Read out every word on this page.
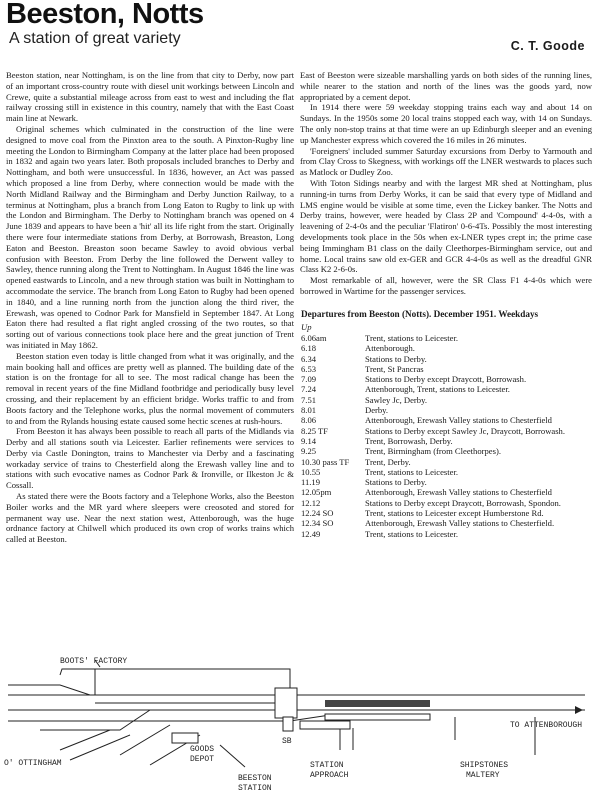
Beeston, Notts
A station of great variety	C. T. Goode

Beeston station, near Nottingham, is on the line from that city to Derby, now part of an important cross-country route with diesel unit workings between Lincoln and Crewe, quite a substantial mileage across from east to west and including the flat railway crossing still in existence in this country, namely that with the East Coast main line at Newark.

Original schemes which culminated in the construction of the line were designed to move coal from the Pinxton area to the south. A Pinxton-Rugby line meeting the London to Birmingham Company at the latter place had been proposed in 1832 and again two years later. Both proposals included branches to Derby and Nottingham, and both were unsuccessful. In 1836, however, an Act was passed which proposed a line from Derby, where connection would be made with the North Midland Railway and the Birmingham and Derby Junction Railway, to a terminus at Nottingham, plus a branch from Long Eaton to Rugby to link up with the London and Birmingham. The Derby to Nottingham branch was opened on 4 June 1839 and appears to have been a 'hit' all its life right from the start. Originally there were four intermediate stations from Derby, at Borrowash, Breaston, Long Eaton and Beeston. Breaston soon became Sawley to avoid obvious verbal confusion with Beeston. From Derby the line followed the Derwent valley to Sawley, thence running along the Trent to Nottingham. In August 1846 the line was opened eastwards to Lincoln, and a new through station was built in Nottingham to accommodate the service. The branch from Long Eaton to Rugby had been opened in 1840, and a line running north from the junction along the third river, the Erewash, was opened to Codnor Park for Mansfield in September 1847. At Long Eaton there had resulted a flat right angled crossing of the two routes, so that sorting out of various connections took place here and the great junction of Trent was initiated in May 1862.

Beeston station even today is little changed from what it was originally, and the main booking hall and offices are pretty well as planned. The building date of the station is on the frontage for all to see. The most radical change has been the removal in recent years of the fine Midland footbridge and periodically busy level crossing, and their replacement by an efficient bridge. Works traffic to and from Boots factory and the Telephone works, plus the normal movement of commuters to and from the Rylands housing estate caused some hectic scenes at rush-hours.

From Beeston it has always been possible to reach all parts of the Midlands via Derby and all stations south via Leicester. Earlier refinements were services to Derby via Castle Donington, trains to Manchester via Derby and a fascinating workaday service of trains to Chesterfield along the Erewash valley line and to stations with such evocative names as Codnor Park & Ironville, or Ilkeston Jc & Cossall.

As stated there were the Boots factory and a Telephone Works, also the Beeston Boiler works and the MR yard where sleepers were creosoted and stored for permanent way use. Near the next station west, Attenborough, was the huge ordnance factory at Chilwell which produced its own crop of works trains which called at Beeston.

East of Beeston were sizeable marshalling yards on both sides of the running lines, while nearer to the station and north of the lines was the goods yard, now appropriated by a cement depot.

In 1914 there were 59 weekday stopping trains each way and about 14 on Sundays. In the 1950s some 20 local trains stopped each way, with 14 on Sundays. The only non-stop trains at that time were an up Edinburgh sleeper and an evening up Manchester express which covered the 16 miles in 26 minutes.

'Foreigners' included summer Saturday excursions from Derby to Yarmouth and from Clay Cross to Skegness, with workings off the LNER westwards to places such as Matlock or Dudley Zoo.

With Toton Sidings nearby and with the largest MR shed at Nottingham, plus running-in turns from Derby Works, it can be said that every type of Midland and LMS engine would be visible at some time, even the Lickey banker. The Notts and Derby trains, however, were headed by Class 2P and 'Compound' 4-4-0s, with a leavening of 2-4-0s and the peculiar 'Flatiron' 0-6-4Ts. Possibly the most interesting developments took place in the 50s when ex-LNER types crept in; the prime case being Immingham B1 class on the daily Cleethorpes-Birmingham service, out and home. Local trains saw old ex-GER and GCR 4-4-0s as well as the dreadful GNR Class K2 2-6-0s.

Most remarkable of all, however, were the SR Class F1 4-4-0s which were borrowed in Wartime for the passenger services.

Departures from Beeston (Notts). December 1951. Weekdays
Up
6.06am	Trent, stations to Leicester.
6.18	Attenborough.
6.34	Stations to Derby.
6.53	Trent, St Pancras
7.09	Stations to Derby except Draycott, Borrowash.
7.24	Attenborough, Trent, stations to Leicester.
7.51	Sawley Jc, Derby.
8.01	Derby.
8.06	Attenborough, Erewash Valley stations to Chesterfield
8.25 TF	Stations to Derby except Sawley Jc, Draycott, Borrowash.
9.14	Trent, Borrowash, Derby.
9.25	Trent, Birmingham (from Cleethorpes).
10.30 pass TF	Trent, Derby.
10.55	Trent, stations to Leicester.
11.19	Stations to Derby.
12.05pm	Attenborough, Erewash Valley stations to Chesterfield
12.12	Stations to Derby except Draycott, Borrowash, Spondon.
12.24 SO	Trent, stations to Leicester except Humberstone Rd.
12.34 SO	Attenborough, Erewash Valley stations to Chesterfield.
12.49	Trent, stations to Leicester.
BOOTS' FACTORY
GOODS
DEPOT
SB
TO ATTENBOROUGH
O' OTTINGHAM
BEESTON
STATION
STATION
APPROACH
SHIPSTONES
MALTERY
